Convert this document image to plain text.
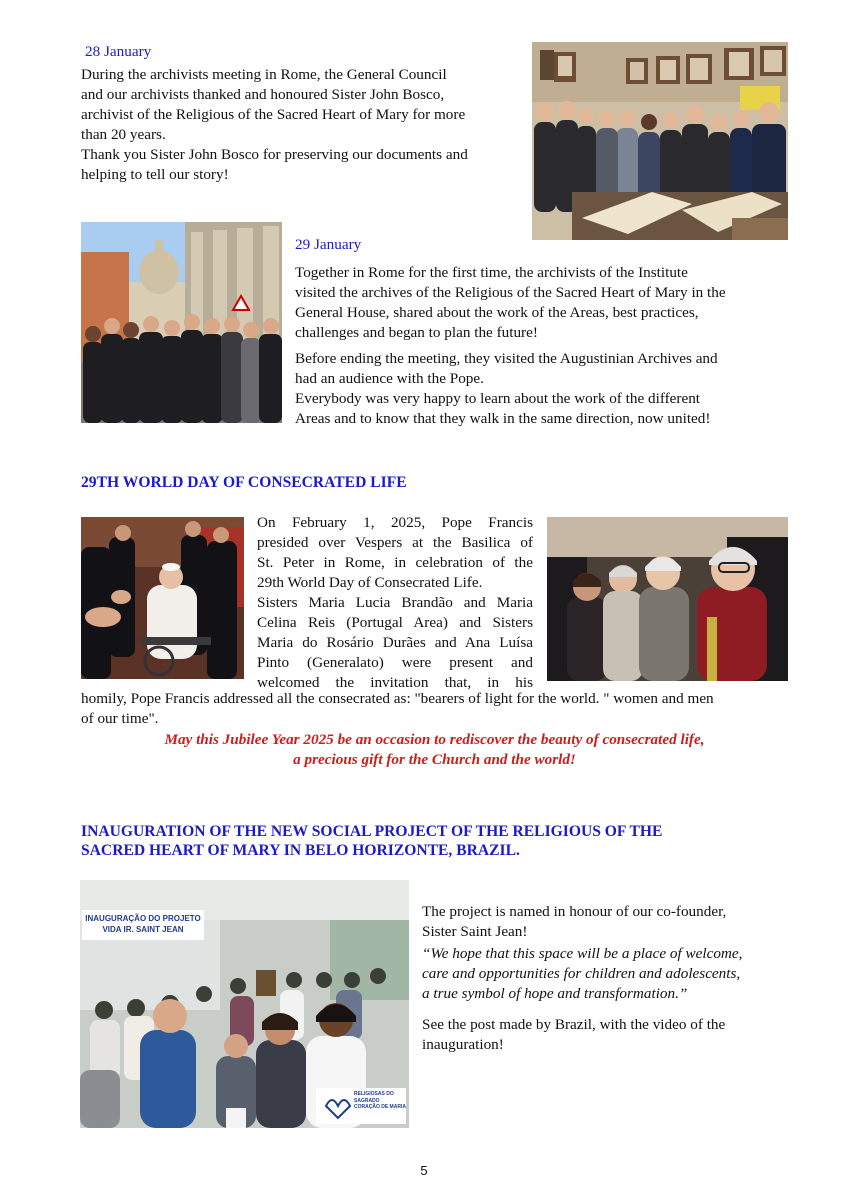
28 January
During the archivists meeting in Rome, the General Council
and our archivists thanked and honoured Sister John Bosco,
archivist of the Religious of the Sacred Heart of Mary for more
than 20 years.
Thank you Sister John Bosco for preserving our documents and
helping to tell our story!
29 January
Together in Rome for the first time, the archivists of the Institute
visited the archives of the Religious of the Sacred Heart of Mary in the
General House, shared about the work of the Areas, best practices,
challenges and began to plan the future!
Before ending the meeting, they visited the Augustinian Archives and
had an audience with the Pope.
Everybody was very happy to learn about the work of the different
Areas and to know that they walk in the same direction, now united!
29TH WORLD DAY OF CONSECRATED LIFE
On February 1, 2025, Pope Francis
presided over Vespers at the Basilica of
St. Peter in Rome, in celebration of the
29th World Day of Consecrated Life.
Sisters Maria Lucia Brandão and Maria
Celina Reis (Portugal Area) and Sisters
Maria do Rosário Durães and Ana Luísa
Pinto (Generalato) were present and
welcomed the invitation that, in his
homily, Pope Francis addressed all the consecrated as: "bearers of light for the world. " women and men
of our time".
May this Jubilee Year 2025 be an occasion to rediscover the beauty of consecrated life,
a precious gift for the Church and the world!
INAUGURATION OF THE NEW SOCIAL PROJECT OF THE RELIGIOUS OF THE
SACRED HEART OF MARY IN BELO HORIZONTE, BRAZIL.
INAUGURAÇÃO DO PROJETO
VIDA IR. SAINT JEAN
RELIGIOSAS DO
SAGRADO
CORAÇÃO DE MARIA
The project is named in honour of our co-founder,
Sister Saint Jean!
“We hope that this space will be a place of welcome,
care and opportunities for children and adolescents,
a true symbol of hope and transformation.”
See the post made by Brazil, with the video of the
inauguration!
5
